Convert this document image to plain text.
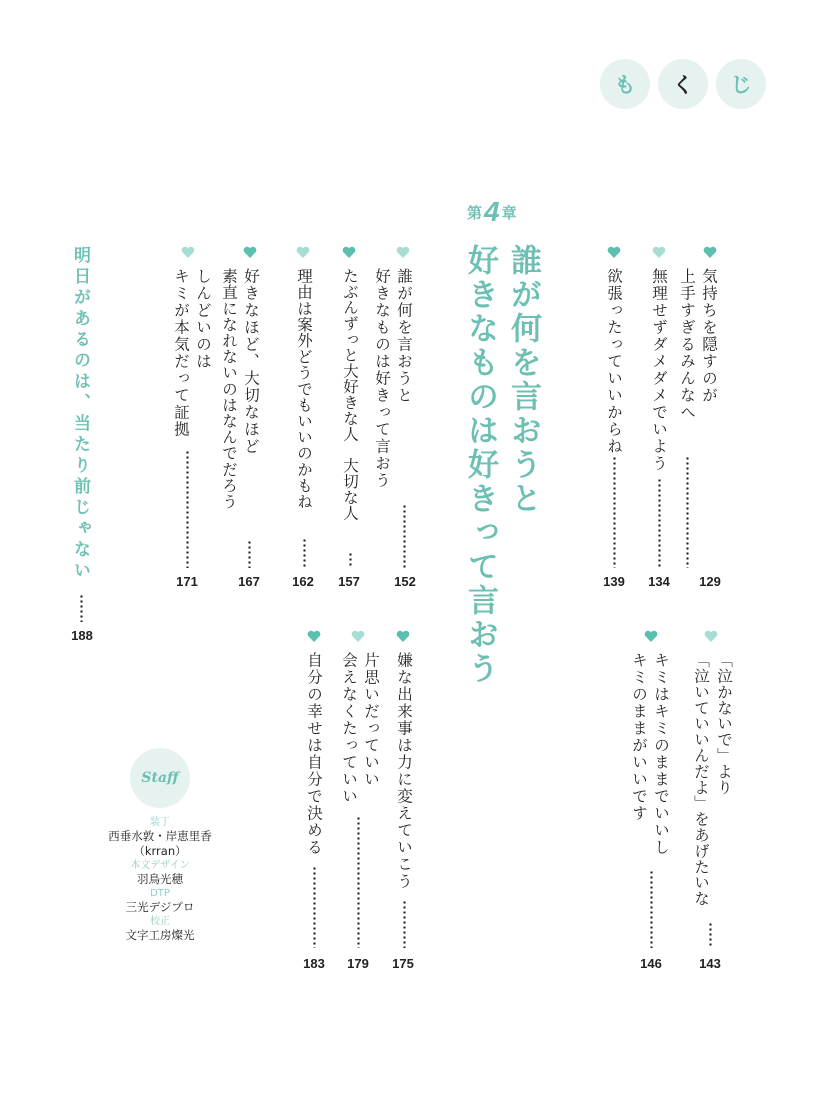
も く じ
第 4 章
誰が何を言おうと
好きなものは好きって言おう	気持ちを隠すのが
上手すぎるみんなへ
129
無理せずダメダメでいよう
134
欲張ったっていいからね
139
誰が何を言おうと
好きなものは好きって言おう
152
たぶんずっと大好きな人　大切な人
157
理由は案外どうでもいいのかもね
162
好きなほど、大切なほど
素直になれないのはなんでだろう
167
しんどいのは
キミが本気だって証拠
171
明日があるのは、当たり前じゃない
188
「泣かないで」より
「泣いていいんだよ」をあげたいな
143
キミはキミのままでいいし
キミのままがいいです
146
嫌な出来事は力に変えていこう
175
片思いだっていい
会えなくたっていい
179
自分の幸せは自分で決める
183
Staff
装丁
西垂水敦・岸恵里香
（krran）
本文デザイン
羽鳥光穂
DTP
三光デジプロ
校正
文字工房燦光
